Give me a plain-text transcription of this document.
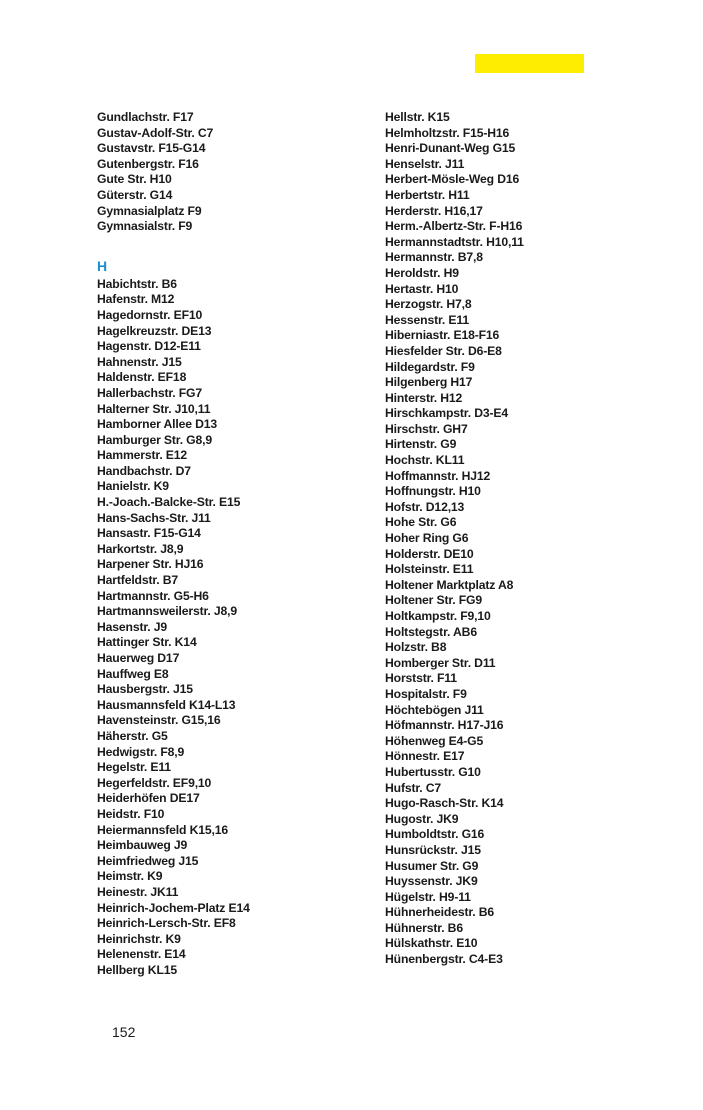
Gundlachstr. F17
Gustav-Adolf-Str. C7
Gustavstr. F15-G14
Gutenbergstr. F16
Gute Str. H10
Güterstr. G14
Gymnasialplatz F9
Gymnasialstr. F9
H
Habichtstr. B6
Hafenstr. M12
Hagedornstr. EF10
Hagelkreuzstr. DE13
Hagenstr. D12-E11
Hahnenstr. J15
Haldenstr. EF18
Hallerbachstr. FG7
Halterner Str. J10,11
Hamborner Allee D13
Hamburger Str. G8,9
Hammerstr. E12
Handbachstr. D7
Hanielstr. K9
H.-Joach.-Balcke-Str. E15
Hans-Sachs-Str. J11
Hansastr. F15-G14
Harkortstr. J8,9
Harpener Str. HJ16
Hartfeldstr. B7
Hartmannstr. G5-H6
Hartmannsweilerstr. J8,9
Hasenstr. J9
Hattinger Str. K14
Hauerweg D17
Hauffweg E8
Hausbergstr. J15
Hausmannsfeld K14-L13
Havensteinstr. G15,16
Häherstr. G5
Hedwigstr. F8,9
Hegelstr. E11
Hegerfeldstr. EF9,10
Heiderhöfen DE17
Heidstr. F10
Heiermannsfeld K15,16
Heimbauweg J9
Heimfriedweg J15
Heimstr. K9
Heinestr. JK11
Heinrich-Jochem-Platz E14
Heinrich-Lersch-Str. EF8
Heinrichstr. K9
Helenenstr. E14
Hellberg KL15
Hellstr. K15
Helmholtzstr. F15-H16
Henri-Dunant-Weg G15
Henselstr. J11
Herbert-Mösle-Weg D16
Herbertstr. H11
Herderstr. H16,17
Herm.-Albertz-Str. F-H16
Hermannstadtstr. H10,11
Hermannstr. B7,8
Heroldstr. H9
Hertastr. H10
Herzogstr. H7,8
Hessenstr. E11
Hiberniastr. E18-F16
Hiesfelder Str. D6-E8
Hildegardstr. F9
Hilgenberg H17
Hinterstr. H12
Hirschkampstr. D3-E4
Hirschstr. GH7
Hirtenstr. G9
Hochstr. KL11
Hoffmannstr. HJ12
Hoffnungstr. H10
Hofstr. D12,13
Hohe Str. G6
Hoher Ring G6
Holderstr. DE10
Holsteinstr. E11
Holtener Marktplatz A8
Holtener Str. FG9
Holtkampstr. F9,10
Holtstegstr. AB6
Holzstr. B8
Homberger Str. D11
Horststr. F11
Hospitalstr. F9
Höchtebögen J11
Höfmannstr. H17-J16
Höhenweg E4-G5
Hönnestr. E17
Hubertusstr. G10
Hufstr. C7
Hugo-Rasch-Str. K14
Hugostr. JK9
Humboldtstr. G16
Hunsrückstr. J15
Husumer Str. G9
Huyssenstr. JK9
Hügelstr. H9-11
Hühnerheidestr. B6
Hühnerstr. B6
Hülskathstr. E10
Hünenbergstr. C4-E3
152
